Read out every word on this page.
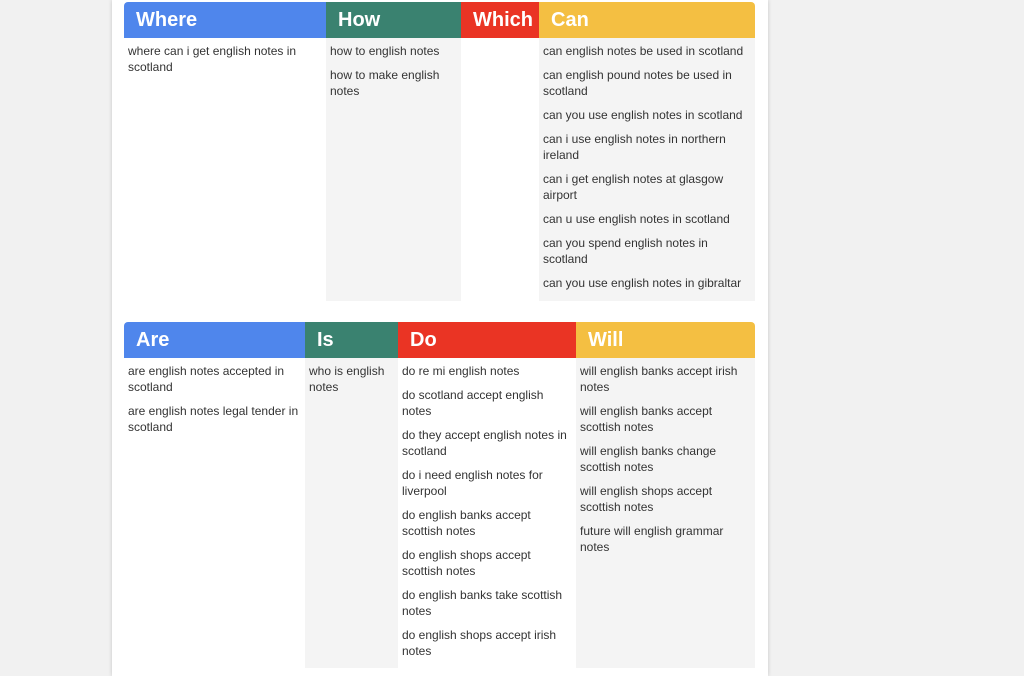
Where
where can i get english notes in scotland
How
how to english notes
how to make english notes
Which Can
can english notes be used in scotland
can english pound notes be used in scotland
can you use english notes in scotland
can i use english notes in northern ireland
can i get english notes at glasgow airport
can u use english notes in scotland
can you spend english notes in scotland
can you use english notes in gibraltar
Are
are english notes accepted in scotland
are english notes legal tender in scotland
Is
who is english notes
Do
do re mi english notes
do scotland accept english notes
do they accept english notes in scotland
do i need english notes for liverpool
do english banks accept scottish notes
do english shops accept scottish notes
do english banks take scottish notes
do english shops accept irish notes
Will
will english banks accept irish notes
will english banks accept scottish notes
will english banks change scottish notes
will english shops accept scottish notes
future will english grammar notes
